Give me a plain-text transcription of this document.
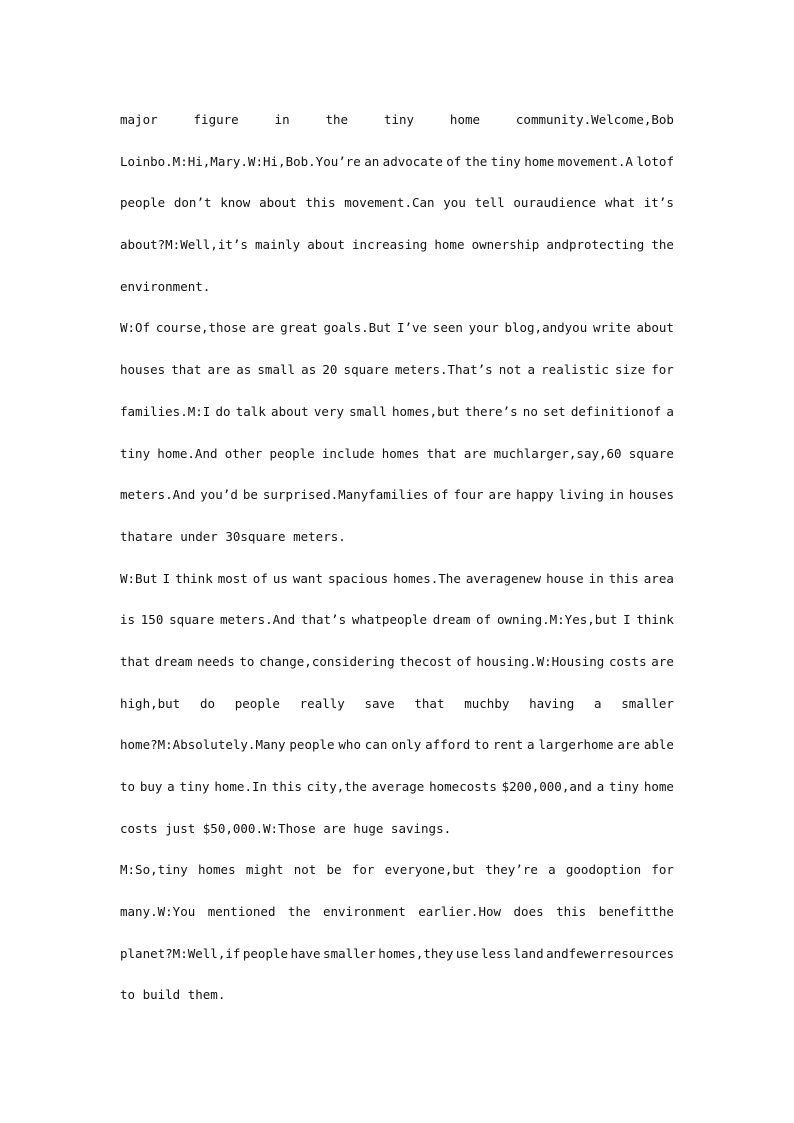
major	figure	in	the	tiny	home	community.Welcome,Bob
Loinbo.M:Hi,Mary.W:Hi,Bob.You’re an advocate of the tiny home movement.A lotof
people don’t know about this movement.Can you tell ouraudience what it’s
about?M:Well,it’s mainly about increasing home ownership andprotecting the
environment.
W:Of course,those are great goals.But I’ve seen your blog,andyou write about
houses that are as small as 20 square meters.That’s not a realistic size for
families.M:I do talk about very small homes,but there’s no set definitionof a
tiny home.And other people include homes that are muchlarger,say,60 square
meters.And you’d be surprised.Manyfamilies of four are happy living in houses
thatare under 30square meters.
W:But I think most of us want spacious homes.The averagenew house in this area
is 150 square meters.And that’s whatpeople dream of owning.M:Yes,but I think
that dream needs to change,considering thecost of housing.W:Housing costs are
high,but do people really save that muchby having a smaller
home?M:Absolutely.Many people who can only afford to rent a largerhome are able
to buy a tiny home.In this city,the average homecosts $200,000,and a tiny home
costs just $50,000.W:Those are huge savings.
M:So,tiny homes might not be for everyone,but they’re a goodoption for
many.W:You mentioned the environment earlier.How does this benefitthe
planet?M:Well,if people have smaller homes,they use less land andfewerresources
to build them.
